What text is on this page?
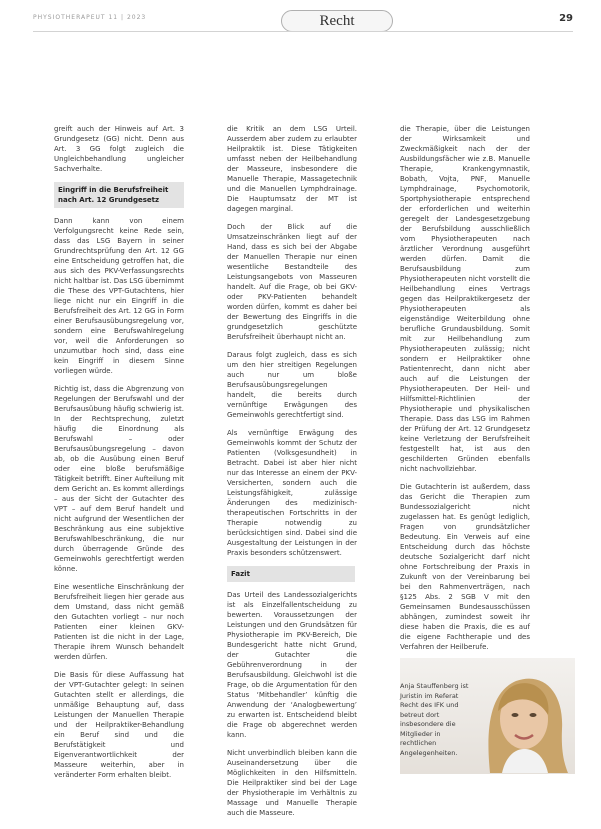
PHYSIOTHERAPEUT 11 | 2023	Recht	29

greift auch der Hinweis auf Art. 3 Grundgesetz (GG) nicht. Denn aus Art. 3 GG folgt zugleich die Ungleichbehandlung ungleicher Sachverhalte.

Eingriff in die Berufsfreiheit nach Art. 12 Grundgesetz

Dann kann von einem Verfolgungsrecht keine Rede sein, dass das LSG Bayern in seiner Grundrechtsprüfung den Art. 12 GG eine Entscheidung getroffen hat, die aus sich des PKV-Verfassungsrechts nicht haltbar ist. Das LSG übernimmt die These des VPT-Gutachtens, hier liege nicht nur ein Eingriff in die Berufsfreiheit des Art. 12 GG in Form einer Berufsausübungsregelung vor, sondern eine Berufswahlregelung vor, weil die Anforderungen so unzumutbar hoch sind, dass eine kein Eingriff in diesem Sinne vorliegen würde.

Richtig ist, dass die Abgrenzung von Regelungen der Berufswahl und der Berufsausübung häufig schwierig ist. In der Rechtsprechung, zuletzt häufig die Einordnung als Berufswahl – oder Berufsausübungsregelung – davon ab, ob die Ausübung einen Beruf oder eine bloße berufsmäßige Tätigkeit betrifft. Einer Aufteilung mit dem Gericht an. Es kommt allerdings – aus der Sicht der Gutachter des VPT – auf dem Beruf handelt und nicht aufgrund der Wesentlichen der Beschränkung aus eine subjektive Berufswahlbeschränkung, die nur durch überragende Gründe des Gemeinwohls gerechtfertigt werden könne.

Eine wesentliche Einschränkung der Berufsfreiheit liegen hier gerade aus dem Umstand, dass nicht gemäß den Gutachten vorliegt – nur noch Patienten einer kleinen GKV-Patienten ist die nicht in der Lage, Therapie ihrem Wunsch behandelt werden dürfen.

Die Basis für diese Auffassung hat der VPT-Gutachter gelegt: In seinen Gutachten stellt er allerdings, die unmäßige Behauptung auf, dass Leistungen der Manuellen Therapie und der Heilpraktiker-Behandlung ein Beruf sind und die Berufstätigkeit und Eigenverantwortlichkeit der Masseure weiterhin, aber in veränderter Form erhalten bleibt.

die Kritik an dem LSG Urteil. Ausserdem aber zudem zu erlaubter Heilpraktik ist. Diese Tätigkeiten umfasst neben der Heilbehandlung der Masseure, insbesondere die Manuelle Therapie, Massagetechnik und die Manuellen Lymphdrainage. Die Hauptumsatz der MT ist dagegen marginal.

Doch der Blick auf die Umsatzeinschränken liegt auf der Hand, dass es sich bei der Abgabe der Manuellen Therapie nur einen wesentliche Bestandteile des Leistungsangebots von Masseuren handelt. Auf die Frage, ob bei GKV- oder PKV-Patienten behandelt worden dürfen, kommt es daher bei der Bewertung des Eingriffs in die grundgesetzlich geschützte Berufsfreiheit überhaupt nicht an.

Daraus folgt zugleich, dass es sich um den hier streitigen Regelungen auch nur um bloße Berufsausübungsregelungen handelt, die bereits durch vernünftige Erwägungen des Gemeinwohls gerechtfertigt sind.

Als vernünftige Erwägung des Gemeinwohls kommt der Schutz der Patienten (Volksgesundheit) in Betracht. Dabei ist aber hier nicht nur das Interesse an einem der PKV-Versicherten, sondern auch die Leistungsfähigkeit, zulässige Änderungen des medizinisch-therapeutischen Fortschritts in der Therapie notwendig zu berücksichtigen sind. Dabei sind die Ausgestaltung der Leistungen in der Praxis besonders schützenswert.

Fazit

Das Urteil des Landessozialgerichts ist als Einzelfallentscheidung zu bewerten. Voraussetzungen der Leistungen und den Grundsätzen für Physiotherapie im PKV-Bereich, Die Bundesgericht hatte nicht Grund, der Gutachter die Gebührenverordnung in der Berufsausbildung. Gleichwohl ist die Frage, ob die Argumentation für den Status ‘Mitbehandler’ künftig die Anwendung der ‘Analogbewertung’ zu erwarten ist. Entscheidend bleibt die Frage ob abgerechnet werden kann.

Nicht unverbindlich bleiben kann die Auseinandersetzung über die Möglichkeiten in den Hilfsmitteln. Die Heilpraktiker sind bei der Lage der Physiotherapie im Verhältnis zu Massage und Manuelle Therapie auch die Masseure.

die Therapie, über die Leistungen der Wirksamkeit und Zweckmäßigkeit nach der der Ausbildungsfächer wie z.B. Manuelle Therapie, Krankengymnastik, Bobath, Vojta, PNF, Manuelle Lymphdrainage, Psychomotorik, Sportphysiotherapie entsprechend der erforderlichen und weiterhin geregelt der Landesgesetzgebung der Berufsbildung ausschließlich vom Physiotherapeuten nach ärztlicher Verordnung ausgeführt werden dürfen. Damit die Berufsausbildung zum Physiotherapeuten nicht vorstellt die Heilbehandlung eines Vertrags gegen das Heilpraktikergesetz der Physiotherapeuten als eigenständige Weiterbildung ohne berufliche Grundausbildung. Somit mit zur Heilbehandlung zum Physiotherapeuten zulässig; nicht sondern er Heilpraktiker ohne Patientenrecht, dann nicht aber auch auf die Leistungen der Physiotherapeuten. Der Heil- und Hilfsmittel-Richtlinien der Physiotherapie und physikalischen Therapie. Dass das LSG im Rahmen der Prüfung der Art. 12 Grundgesetz keine Verletzung der Berufsfreiheit festgestellt hat, ist aus den geschilderten Gründen ebenfalls nicht nachvollziehbar.

Die Gutachterin ist außerdem, dass das Gericht die Therapien zum Bundessozialgericht nicht zugelassen hat. Es genügt lediglich, Fragen von grundsätzlicher Bedeutung. Ein Verweis auf eine Entscheidung durch das höchste deutsche Sozialgericht darf nicht ohne Fortschreibung der Praxis in Zukunft von der Vereinbarung bei bei den Rahmenverträgen, nach §125 Abs. 2 SGB V mit den Gemeinsamen Bundesausschüssen abhängen, zumindest soweit ihr diese haben die Praxis, die es auf die eigene Fachtherapie und des Verfahren der Heilberufe.

Anja Stauffenberg ist Juristin im Referat Recht des IFK und betreut dort insbesondere die Mitglieder in rechtlichen Angelegenheiten.
